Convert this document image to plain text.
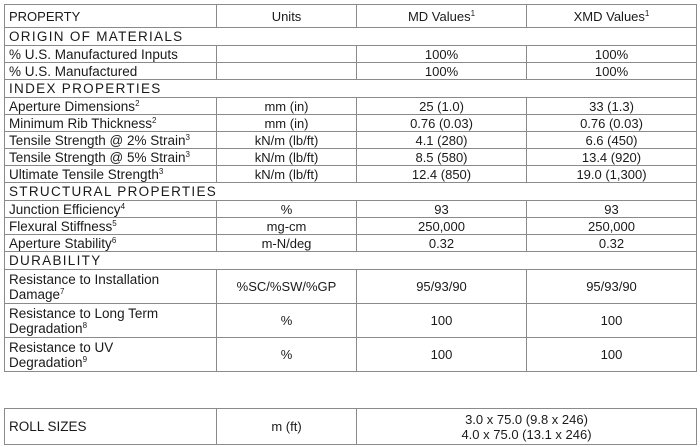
PROPERTY	Units	MD Values$^1$	XMD Values$^1$
ORIGIN OF MATERIALS			
% U.S. Manufactured Inputs		100%	100%
% U.S. Manufactured		100%	100%
INDEX PROPERTIES			
Aperture Dimensions$^2$	mm (in)	25 (1.0)	33 (1.3)
Minimum Rib Thickness$^2$	mm (in)	0.76 (0.03)	0.76 (0.03)
Tensile Strength @ 2% Strain$^3$	kN/m (lb/ft)	4.1 (280)	6.6 (450)
Tensile Strength @ 5% Strain$^3$	kN/m (lb/ft)	8.5 (580)	13.4 (920)
Ultimate Tensile Strength$^3$	kN/m (lb/ft)	12.4 (850)	19.0 (1,300)
STRUCTURAL PROPERTIES			
Junction Efficiency$^4$	%	93	93
Flexural Stiffness$^5$	mg-cm	250,000	250,000
Aperture Stability$^6$	m-N/deg	0.32	0.32
DURABILITY			

Resistance to Installation
Damage$^7$	%SC/%SW/%GP	95/93/90	95/93/90

Resistance to Long Term
Degradation$^8$	%	100	100

Resistance to UV
Degradation$^9$	%	100	100
ROLL SIZES	m (ft)	3.0 x 75.0 (9.8 x 246)
4.0 x 75.0 (13.1 x 246)
